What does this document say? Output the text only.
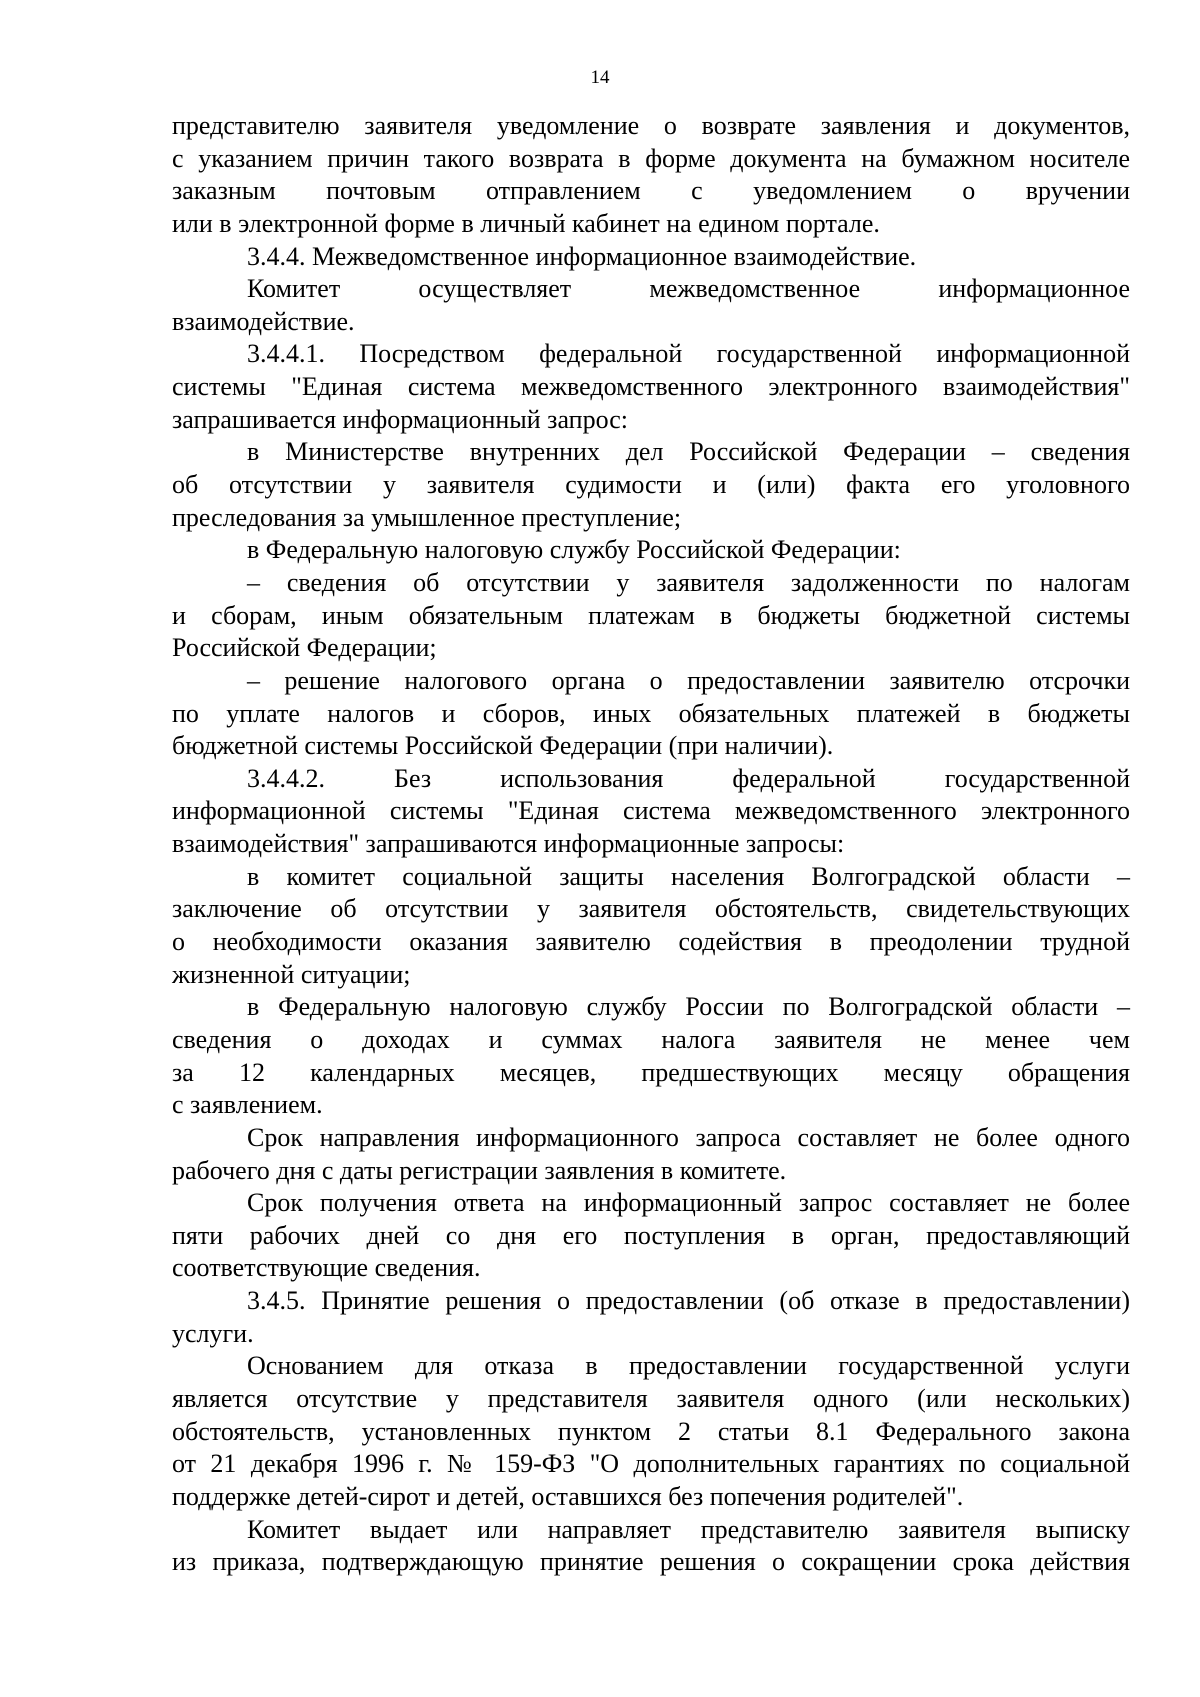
14
представителю заявителя уведомление о возврате заявления и документов,
с указанием причин такого возврата в форме документа на бумажном носителе
заказным почтовым отправлением с уведомлением о вручении
или в электронной форме в личный кабинет на едином портале.
3.4.4. Межведомственное информационное взаимодействие.
Комитет осуществляет межведомственное информационное
взаимодействие.
3.4.4.1. Посредством федеральной государственной информационной
системы "Единая система межведомственного электронного взаимодействия"
запрашивается информационный запрос:
в Министерстве внутренних дел Российской Федерации – сведения
об отсутствии у заявителя судимости и (или) факта его уголовного
преследования за умышленное преступление;
в Федеральную налоговую службу Российской Федерации:
– сведения об отсутствии у заявителя задолженности по налогам
и сборам, иным обязательным платежам в бюджеты бюджетной системы
Российской Федерации;
– решение налогового органа о предоставлении заявителю отсрочки
по уплате налогов и сборов, иных обязательных платежей в бюджеты
бюджетной системы Российской Федерации (при наличии).
3.4.4.2. Без использования федеральной государственной
информационной системы "Единая система межведомственного электронного
взаимодействия" запрашиваются информационные запросы:
в комитет социальной защиты населения Волгоградской области –
заключение об отсутствии у заявителя обстоятельств, свидетельствующих
о необходимости оказания заявителю содействия в преодолении трудной
жизненной ситуации;
в Федеральную налоговую службу России по Волгоградской области –
сведения о доходах и суммах налога заявителя не менее чем
за 12 календарных месяцев, предшествующих месяцу обращения
с заявлением.
Срок направления информационного запроса составляет не более одного
рабочего дня с даты регистрации заявления в комитете.
Срок получения ответа на информационный запрос составляет не более
пяти рабочих дней со дня его поступления в орган, предоставляющий
соответствующие сведения.
3.4.5. Принятие решения о предоставлении (об отказе в предоставлении)
услуги.
Основанием для отказа в предоставлении государственной услуги
является отсутствие у представителя заявителя одного (или нескольких)
обстоятельств, установленных пунктом 2 статьи 8.1 Федерального закона
от 21 декабря 1996 г. № 159-ФЗ "О дополнительных гарантиях по социальной
поддержке детей-сирот и детей, оставшихся без попечения родителей".
Комитет выдает или направляет представителю заявителя выписку
из приказа, подтверждающую принятие решения о сокращении срока действия
